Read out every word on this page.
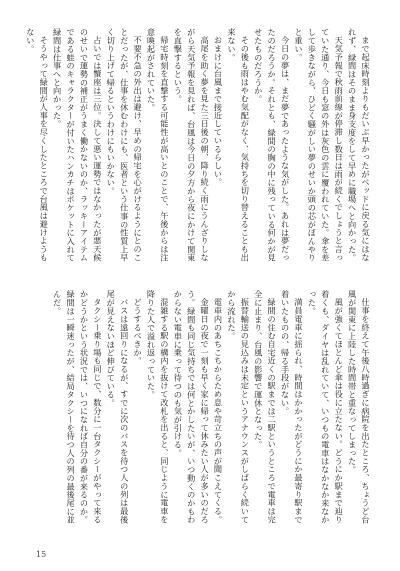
まで起床時刻よりもだいぶ早かったがベッドに戻る気にはなれず、緑間はそのまま身支度をして早めに職場へと向かった。

天気予報で秋雨前線が停滞し数日は雨が続くでしょうと言っていた通り、今日も窓の外は灰色の雲に覆われていた。傘を差して歩きながら、ひどく騒がしい夢のせいか頭の芯がぼんやりと重い。

今日の夢は、まだ夢であったような気がした。あれは夢だったのだろうか。それとも、緑間の胸の中に残っている何かが見せたものだろうか。

その後も雨はやむ気配がなく、気持ちを切り替えることも出来ない。

おまけに台風まで接近しているらしい。

高尾を助く夢を見た三日後の朝、降り続く雨にうんざりしながら天気予報を見れば、台風は今日の夕方から夜にかけて関東を直撃するという。

帰宅時刻を直撃する可能性が高いとのことで、午後からは注意喚起がされていた。

不要不急の外出は避け、早めの帰宅を心がけるようにとのことだったが、仕事を休むわけにも、医者という仕事の性質上早く切り上げて帰るというわけにもいかない。

占いでは蟹座は三位。決して悪い運勢ではなかったが悪天候のせいで運勢の補正がうまく働かないのか、ラッキーアイテムである蛙のキャラクターが付いたハンカチはポケットに入れて緑間は仕事へと向かった。

そうやって緑間が人事を尽くしたところで台風は避けようもない。

仕事を終えて午後八時過ぎに病院を出たところ、ちょうど台風が関東に上陸した時間帯と重なってしまった。

風が強くてほとんど傘は役に立たない。どうにか駅まで辿り着くも、ダイヤは乱れていて、いつもの電車はなかなか来なかった。

満員電車に揺られ、時間はかかったがどうにか最寄り駅まで着いたものの、帰る手段がない。

緑間の住む自宅近くの駅までは二駅というところで電車は完全に止まり、台風の影響で運休となった。

振替輸送の見込みは未定というアナウンスがしばらく続いてから流れた。

電車内のあちこちからため息や苛立ちの声が聞こえてくる。

金曜日の夜で一刻も早く家に帰って休みたい人が多いのだろう。緑間も同じ気持ちでは何とかしたいが、いつ動くのかもわからない電車に乗って待つのも気が引ける。

混雑する駅の構内を抜けて改札を出ると、同じように電車を降りた人で溢れ返っていた。

どうするべきか。

バスは遠回りになるが、すでに次のバスを待つ人の列は最後尾が見えないほど伸びている。

タクシー乗り場も同じで、数分に一台タクシーがやって来るかどうかという状況では、いつになれば自分の番が来るのか。緑間は一瞬迷ったが、結局タクシーを待つ人の列の最後尾に並んだ。

15
